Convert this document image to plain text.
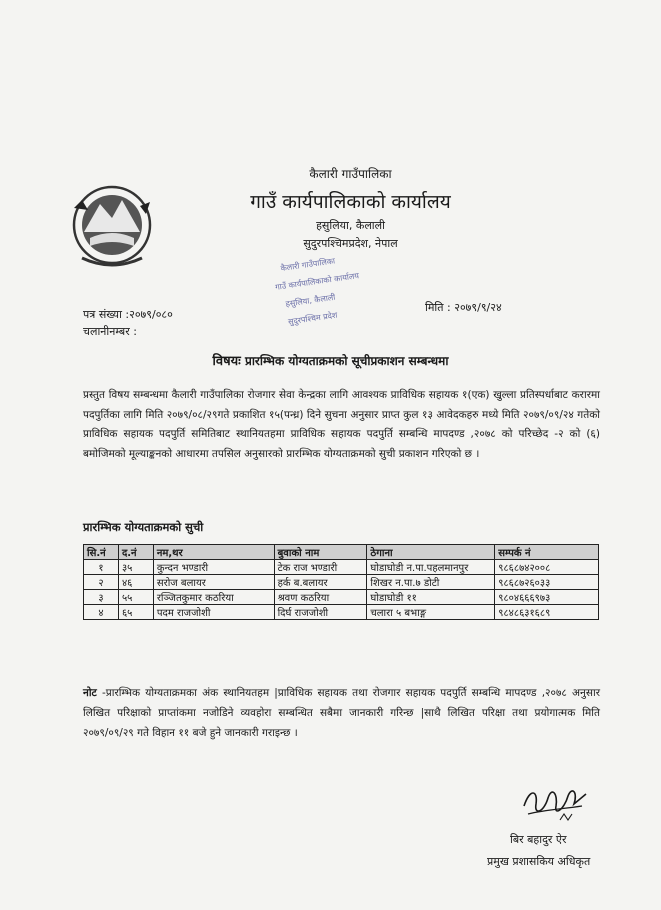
कैलारी गाउँपालिका
गाउँ कार्यपालिकाको कार्यालय
हसुलिया, कैलाली
सुदुरपश्चिमप्रदेश, नेपाल
कैलारी गाउँपालिका
गाउँ कार्यपालिकाको कार्यालय
हसुलिया, कैलाली
सुदुरपश्चिम प्रदेश
पत्र संख्या :२०७९/०८०
चलानीनम्बर :
मिति : २०७९/९/२४
विषयः प्रारम्भिक योग्यताक्रमको सूचीप्रकाशन सम्बन्धमा
प्रस्तुत विषय सम्बन्धमा कैलारी गाउँपालिका रोजगार सेवा केन्द्रका लागि आवश्यक प्राविधिक सहायक १(एक) खुल्ला प्रतिस्पर्धाबाट करारमा पदपुर्तिका लागि मिति २०७९/०८/२९गते प्रकाशित १५(पन्ध्र) दिने सुचना अनुसार प्राप्त कुल १३ आवेदकहरु मध्ये मिति २०७९/०९/२४ गतेको प्राविधिक सहायक पदपुर्ति समितिबाट स्थानियतहमा प्राविधिक सहायक पदपुर्ति सम्बन्धि मापदण्ड ,२०७८ को परिच्छेद -२ को (६) बमोजिमको मूल्याङ्कनको आधारमा तपसिल अनुसारको प्रारम्भिक योग्यताक्रमको सुची प्रकाशन गरिएको छ ।
प्रारम्भिक योग्यताक्रमको सुची
सि.नं	द.नं	नम,थर	बुवाको नाम	ठेगाना	सम्पर्क नं
१	३५	कुन्दन भण्डारी	टेक राज भण्डारी	घोडाघोडी न.पा.पहलमानपुर	९८६८७४२००८
२	४६	सरोज बलायर	हर्क ब.बलायर	शिखर न.पा.७ डोटी	९८६८७२६०३३
३	५५	रञ्जितकुमार कठरिया	श्रवण कठरिया	घोडाघोडी ११	९८०४६६६९७३
४	६५	पदम राजजोशी	दिर्घ राजजोशी	चलारा ५ बभाङ्ग	९८४८६३१६८९
नोट -प्रारम्भिक योग्यताक्रमका अंक स्थानियतहम |प्राविधिक सहायक तथा रोजगार सहायक पदपुर्ति सम्बन्धि मापदण्ड ,२०७८ अनुसार लिखित परिक्षाको प्राप्तांकमा नजोडिने व्यवहोरा सम्बन्धित सबैमा जानकारी गरिन्छ |साथै लिखित परिक्षा तथा प्रयोगात्मक मिति २०७९/०९/२९ गते विहान ११ बजे हुने जानकारी गराइन्छ ।
बिर बहादुर ऐर
प्रमुख प्रशासकिय अधिकृत
